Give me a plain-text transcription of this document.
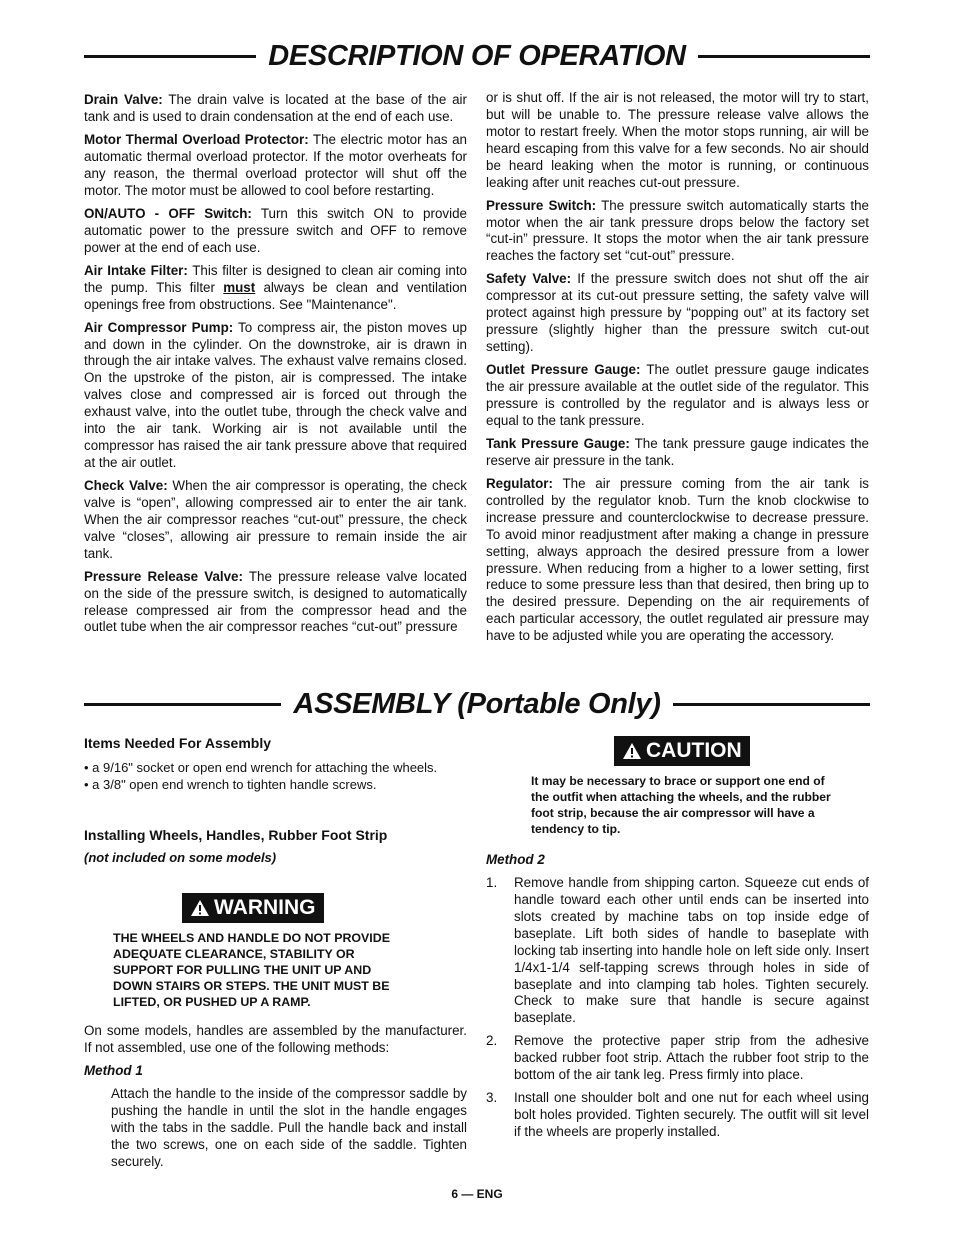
DESCRIPTION OF OPERATION

Drain Valve: The drain valve is located at the base of the air tank and is used to drain condensation at the end of each use.

Motor Thermal Overload Protector: The electric motor has an automatic thermal overload protector. If the motor overheats for any reason, the thermal overload protector will shut off the motor. The motor must be allowed to cool before restarting.

ON/AUTO - OFF Switch: Turn this switch ON to provide automatic power to the pressure switch and OFF to remove power at the end of each use.

Air Intake Filter: This filter is designed to clean air coming into the pump. This filter must always be clean and ventilation openings free from obstructions. See "Maintenance".

Air Compressor Pump: To compress air, the piston moves up and down in the cylinder. On the downstroke, air is drawn in through the air intake valves. The exhaust valve remains closed. On the upstroke of the piston, air is compressed. The intake valves close and compressed air is forced out through the exhaust valve, into the outlet tube, through the check valve and into the air tank. Working air is not available until the compressor has raised the air tank pressure above that required at the air outlet.

Check Valve: When the air compressor is operating, the check valve is “open”, allowing compressed air to enter the air tank. When the air compressor reaches “cut-out” pressure, the check valve “closes”, allowing air pressure to remain inside the air tank.

Pressure Release Valve: The pressure release valve located on the side of the pressure switch, is designed to automatically release compressed air from the compressor head and the outlet tube when the air compressor reaches “cut-out” pressure

or is shut off. If the air is not released, the motor will try to start, but will be unable to. The pressure release valve allows the motor to restart freely. When the motor stops running, air will be heard escaping from this valve for a few seconds. No air should be heard leaking when the motor is running, or continuous leaking after unit reaches cut-out pressure.

Pressure Switch: The pressure switch automatically starts the motor when the air tank pressure drops below the factory set “cut-in” pressure. It stops the motor when the air tank pressure reaches the factory set “cut-out” pressure.

Safety Valve: If the pressure switch does not shut off the air compressor at its cut-out pressure setting, the safety valve will protect against high pressure by “popping out” at its factory set pressure (slightly higher than the pressure switch cut-out setting).

Outlet Pressure Gauge: The outlet pressure gauge indicates the air pressure available at the outlet side of the regulator. This pressure is controlled by the regulator and is always less or equal to the tank pressure.

Tank Pressure Gauge: The tank pressure gauge indicates the reserve air pressure in the tank.

Regulator: The air pressure coming from the air tank is controlled by the regulator knob. Turn the knob clockwise to increase pressure and counterclockwise to decrease pressure. To avoid minor readjustment after making a change in pressure setting, always approach the desired pressure from a lower pressure. When reducing from a higher to a lower setting, first reduce to some pressure less than that desired, then bring up to the desired pressure. Depending on the air requirements of each particular accessory, the outlet regulated air pressure may have to be adjusted while you are operating the accessory.

ASSEMBLY (Portable Only)

Items Needed For Assembly

• a 9/16" socket or open end wrench for attaching the wheels.
• a 3/8" open end wrench to tighten handle screws.

Installing Wheels, Handles, Rubber Foot Strip

(not included on some models)

WARNING
THE WHEELS AND HANDLE DO NOT PROVIDE ADEQUATE CLEARANCE, STABILITY OR SUPPORT FOR PULLING THE UNIT UP AND DOWN STAIRS OR STEPS. THE UNIT MUST BE LIFTED, OR PUSHED UP A RAMP.

On some models, handles are assembled by the manufacturer. If not assembled, use one of the following methods:

Method 1

Attach the handle to the inside of the compressor saddle by pushing the handle in until the slot in the handle engages with the tabs in the saddle. Pull the handle back and install the two screws, one on each side of the saddle. Tighten securely.

CAUTION
It may be necessary to brace or support one end of the outfit when attaching the wheels, and the rubber foot strip, because the air compressor will have a tendency to tip.

Method 2

1.	Remove handle from shipping carton. Squeeze cut ends of handle toward each other until ends can be inserted into slots created by machine tabs on top inside edge of baseplate. Lift both sides of handle to baseplate with locking tab inserting into handle hole on left side only. Insert 1/4x1-1/4 self-tapping screws through holes in side of baseplate and into clamping tab holes. Tighten securely. Check to make sure that handle is secure against baseplate.
2.	Remove the protective paper strip from the adhesive backed rubber foot strip. Attach the rubber foot strip to the bottom of the air tank leg. Press firmly into place.
3.	Install one shoulder bolt and one nut for each wheel using bolt holes provided. Tighten securely. The outfit will sit level if the wheels are properly installed.
6 — ENG
